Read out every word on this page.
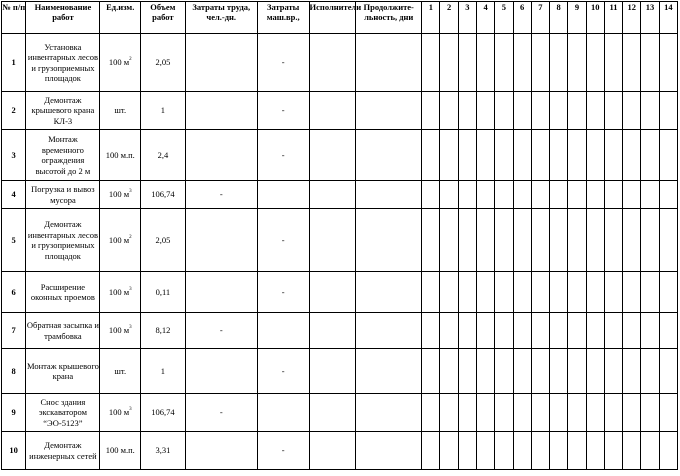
№ п/п	Наименование работ	Ед.изм.	Объем работ	Затраты труда, чел.-дн.	Затраты маш.вр.,	Исполнители	Продолжите-льность, дни	1	2	3	4	5	6	7	8	9	10	11	12	13	14
1	Установка инвентарных лесов и грузоприемных площадок	100 $м^2$	2,05		-																
2	Демонтаж крышевого крана КЛ-3	шт.	1		-																
3	Монтаж временного ограждения высотой до 2 м	100 м.п.	2,4		-																
4	Погрузка и вывоз мусора	100 $м^3$	106,74	-																	
5	Демонтаж инвентарных лесов и грузоприемных площадок	100 $м^2$	2,05		-																
6	Расширение оконных проемов	100 $м^3$	0,11		-																
7	Обратная засыпка и трамбовка	100 $м^3$	8,12	-																	
8	Монтаж крышевого крана	шт.	1		-																
9	Снос здания экскаватором “ЭО-5123”	100 $м^3$	106,74	-																	
10	Демонтаж инженерных сетей	100 м.п.	3,31		-																
